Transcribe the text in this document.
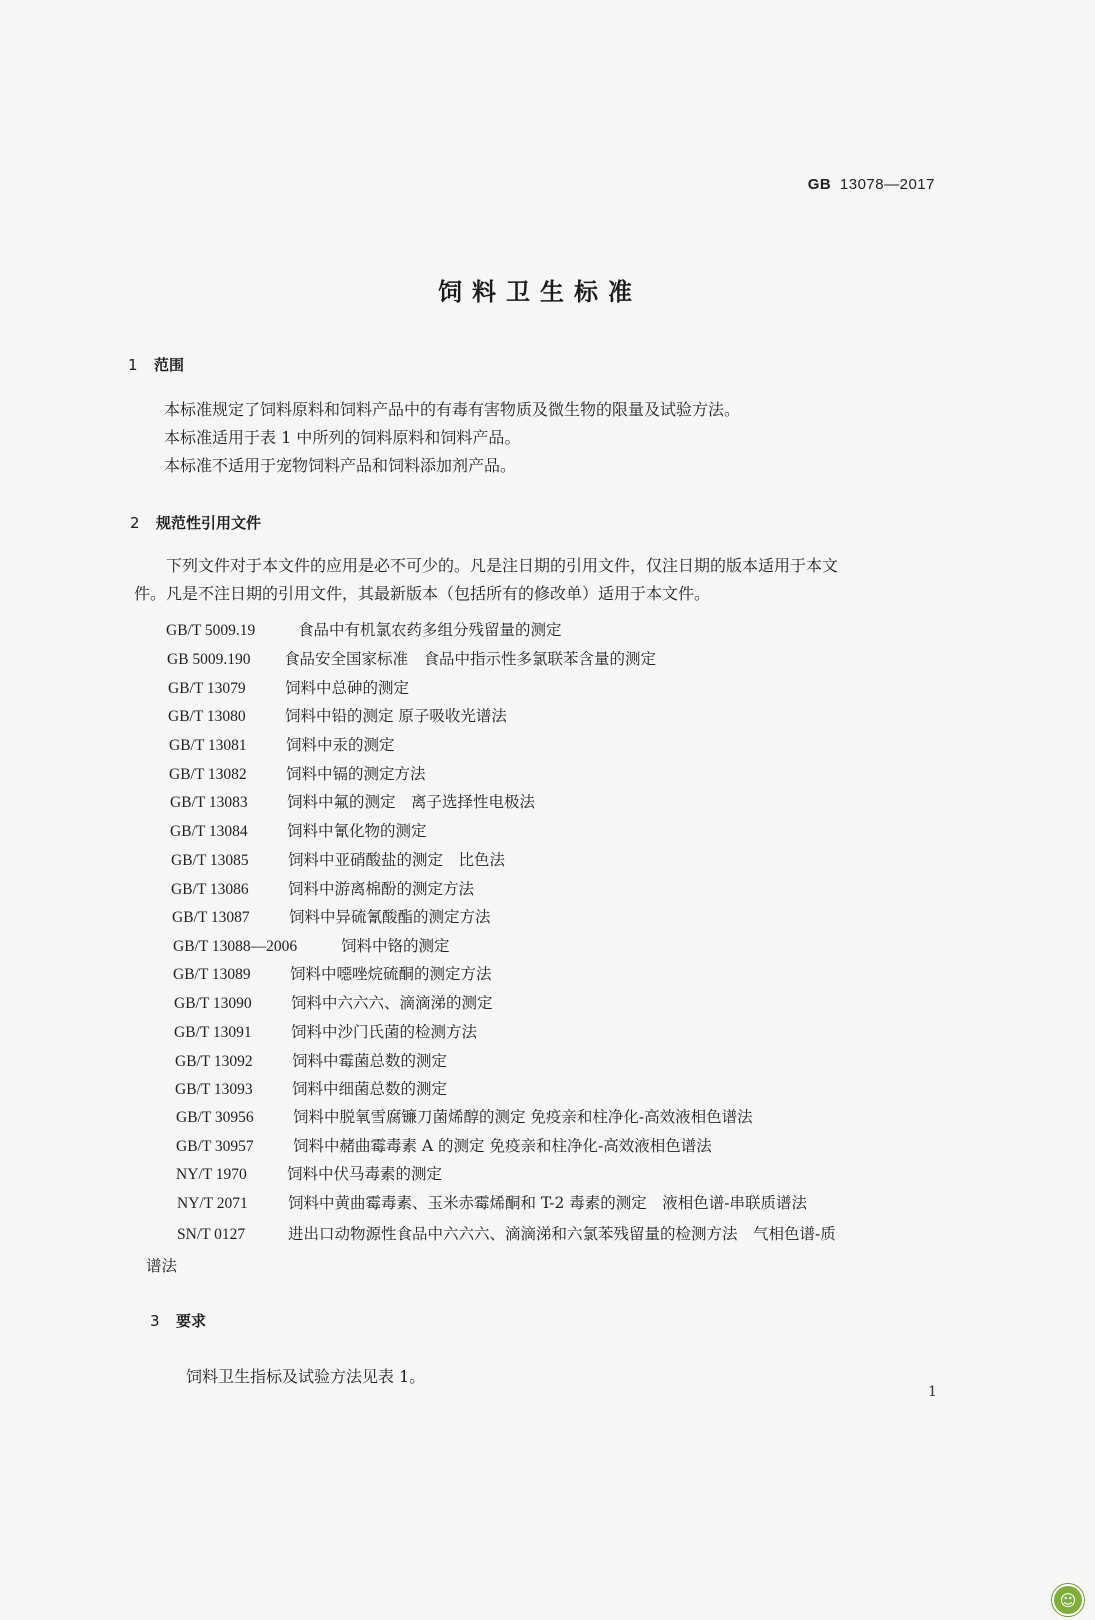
GB 13078—2017
饲料卫生标准
1 范围
本标准规定了饲料原料和饲料产品中的有毒有害物质及微生物的限量及试验方法。
本标准适用于表 1 中所列的饲料原料和饲料产品。
本标准不适用于宠物饲料产品和饲料添加剂产品。
2 规范性引用文件
下列文件对于本文件的应用是必不可少的。凡是注日期的引用文件，仅注日期的版本适用于本文
件。凡是不注日期的引用文件，其最新版本（包括所有的修改单）适用于本文件。
GB/T 5009.19	食品中有机氯农药多组分残留量的测定
GB 5009.190 食品安全国家标准　食品中指示性多氯联苯含量的测定
GB/T 13079	饲料中总砷的测定
GB/T 13080	饲料中铅的测定 原子吸收光谱法
GB/T 13081	饲料中汞的测定
GB/T 13082	饲料中镉的测定方法
GB/T 13083	饲料中氟的测定　离子选择性电极法
GB/T 13084	饲料中氰化物的测定
GB/T 13085	饲料中亚硝酸盐的测定　比色法
GB/T 13086	饲料中游离棉酚的测定方法
GB/T 13087	饲料中异硫氰酸酯的测定方法
GB/T 13088—2006	饲料中铬的测定
GB/T 13089	饲料中噁唑烷硫酮的测定方法
GB/T 13090	饲料中六六六、滴滴涕的测定
GB/T 13091	饲料中沙门氏菌的检测方法
GB/T 13092	饲料中霉菌总数的测定
GB/T 13093	饲料中细菌总数的测定
GB/T 30956	饲料中脱氧雪腐镰刀菌烯醇的测定 免疫亲和柱净化-高效液相色谱法
GB/T 30957	饲料中赭曲霉毒素 A 的测定 免疫亲和柱净化-高效液相色谱法
NY/T 1970	饲料中伏马毒素的测定
NY/T 2071	饲料中黄曲霉毒素、玉米赤霉烯酮和 T-2 毒素的测定　液相色谱-串联质谱法
SN/T 0127	进出口动物源性食品中六六六、滴滴涕和六氯苯残留量的检测方法　气相色谱-质
谱法
3 要求
饲料卫生指标及试验方法见表 1。
1
☺
